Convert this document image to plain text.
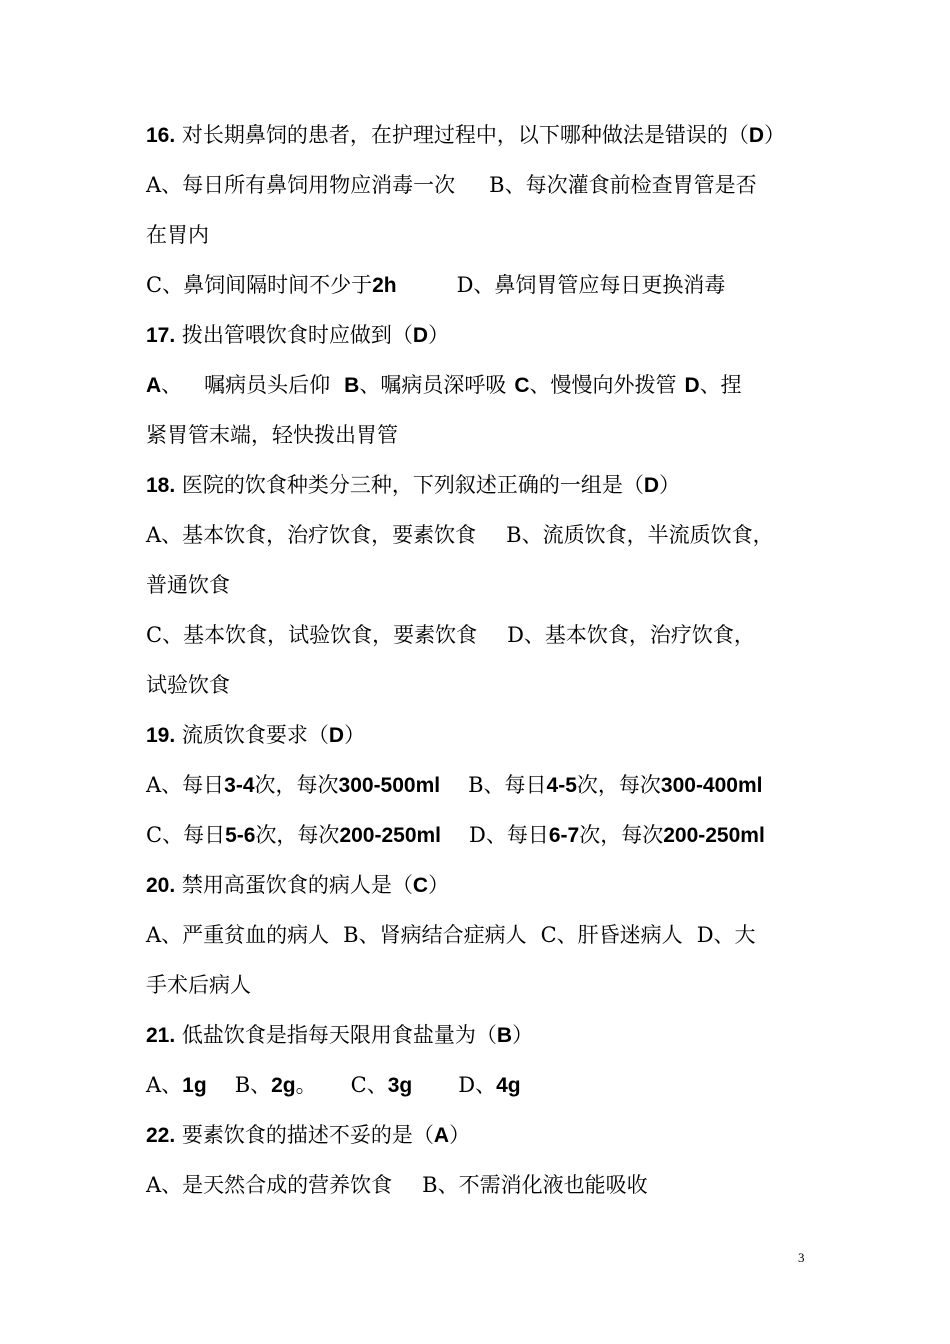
16. 对长期鼻饲的患者，在护理过程中，以下哪种做法是错误的（D）
A、每日所有鼻饲用物应消毒一次 B、每次灌食前检查胃管是否
在胃内
C、鼻饲间隔时间不少于2h	D、鼻饲胃管应每日更换消毒
17. 拨出管喂饮食时应做到（D）
A、 嘱病员头后仰 B、嘱病员深呼吸 C、慢慢向外拨管 D、捏
紧胃管末端，轻快拨出胃管
18. 医院的饮食种类分三种，下列叙述正确的一组是（D）
A、基本饮食，治疗饮食，要素饮食 B、流质饮食，半流质饮食，
普通饮食
C、基本饮食，试验饮食，要素饮食 D、基本饮食，治疗饮食，
试验饮食
19. 流质饮食要求（D）
A、每日3-4次，每次300-500ml B、每日4-5次，每次300-400ml
C、每日5-6次，每次200-250ml D、每日6-7次，每次200-250ml
20. 禁用高蛋饮食的病人是（C）
A、严重贫血的病人 B、肾病结合症病人 C、肝昏迷病人 D、大
手术后病人
21. 低盐饮食是指每天限用食盐量为（B）
A、1g B、2g。 C、3g D、4g
22. 要素饮食的描述不妥的是（A）
A、是天然合成的营养饮食 B、不需消化液也能吸收
3
